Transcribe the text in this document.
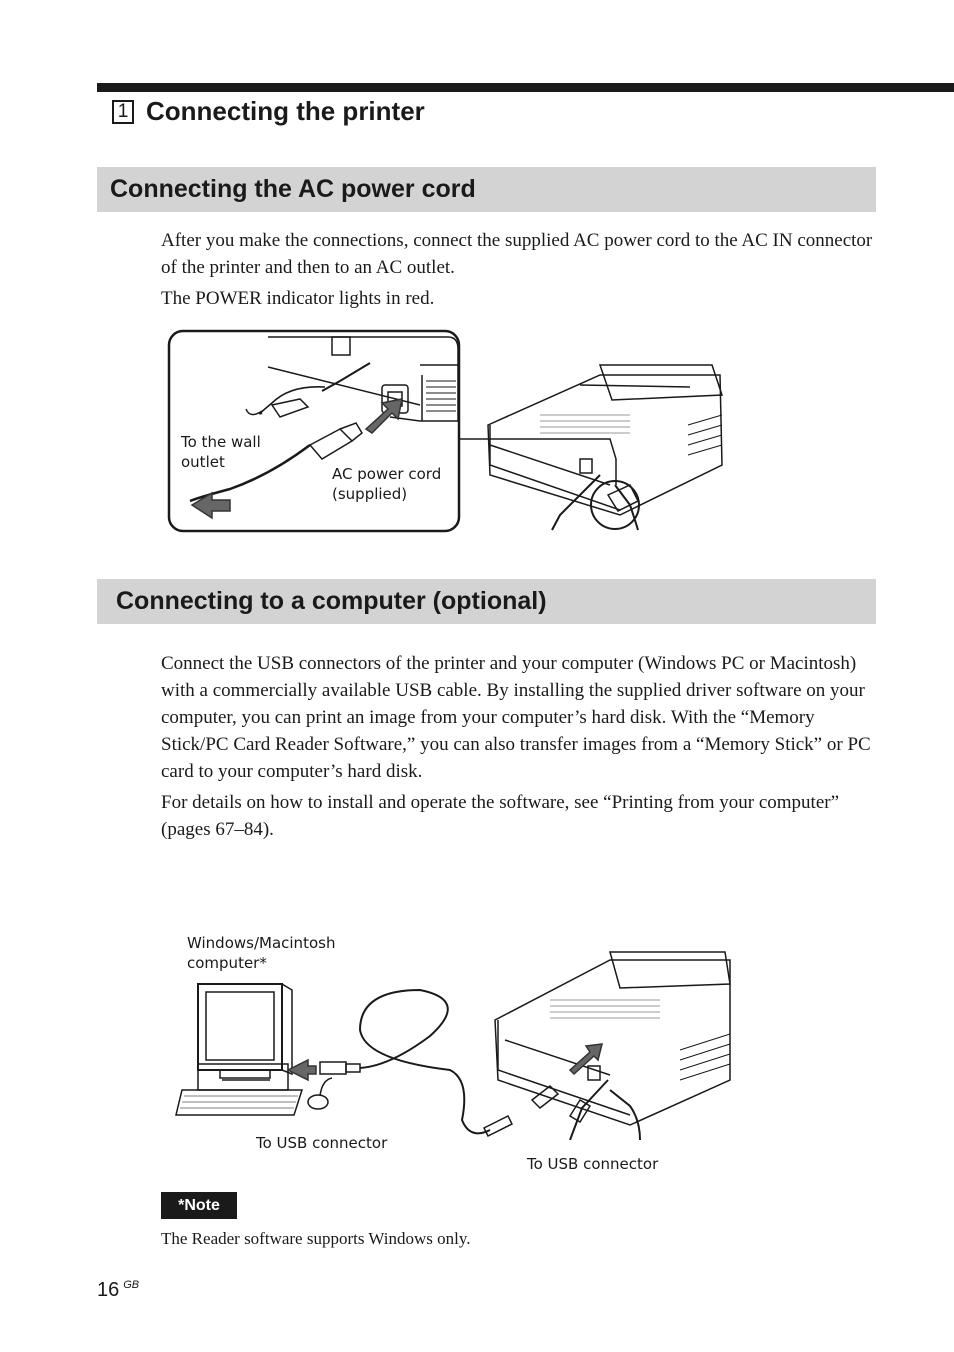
1 Connecting the printer
Connecting the AC power cord

After you make the connections, connect the supplied AC power cord to the AC IN connector of the printer and then to an AC outlet.

The POWER indicator lights in red.

To the wall outlet
AC power cord (supplied)
Connecting to a computer (optional)

Connect the USB connectors of the printer and your computer (Windows PC or Macintosh) with a commercially available USB cable. By installing the supplied driver software on your computer, you can print an image from your computer’s hard disk. With the “Memory Stick/PC Card Reader Software,” you can also transfer images from a “Memory Stick” or PC card to your computer’s hard disk.

For details on how to install and operate the software, see “Printing from your computer” (pages 67–84).

Windows/Macintosh computer*
To USB connector
To USB connector
*Note
The Reader software supports Windows only.
16 $^{GB}$
